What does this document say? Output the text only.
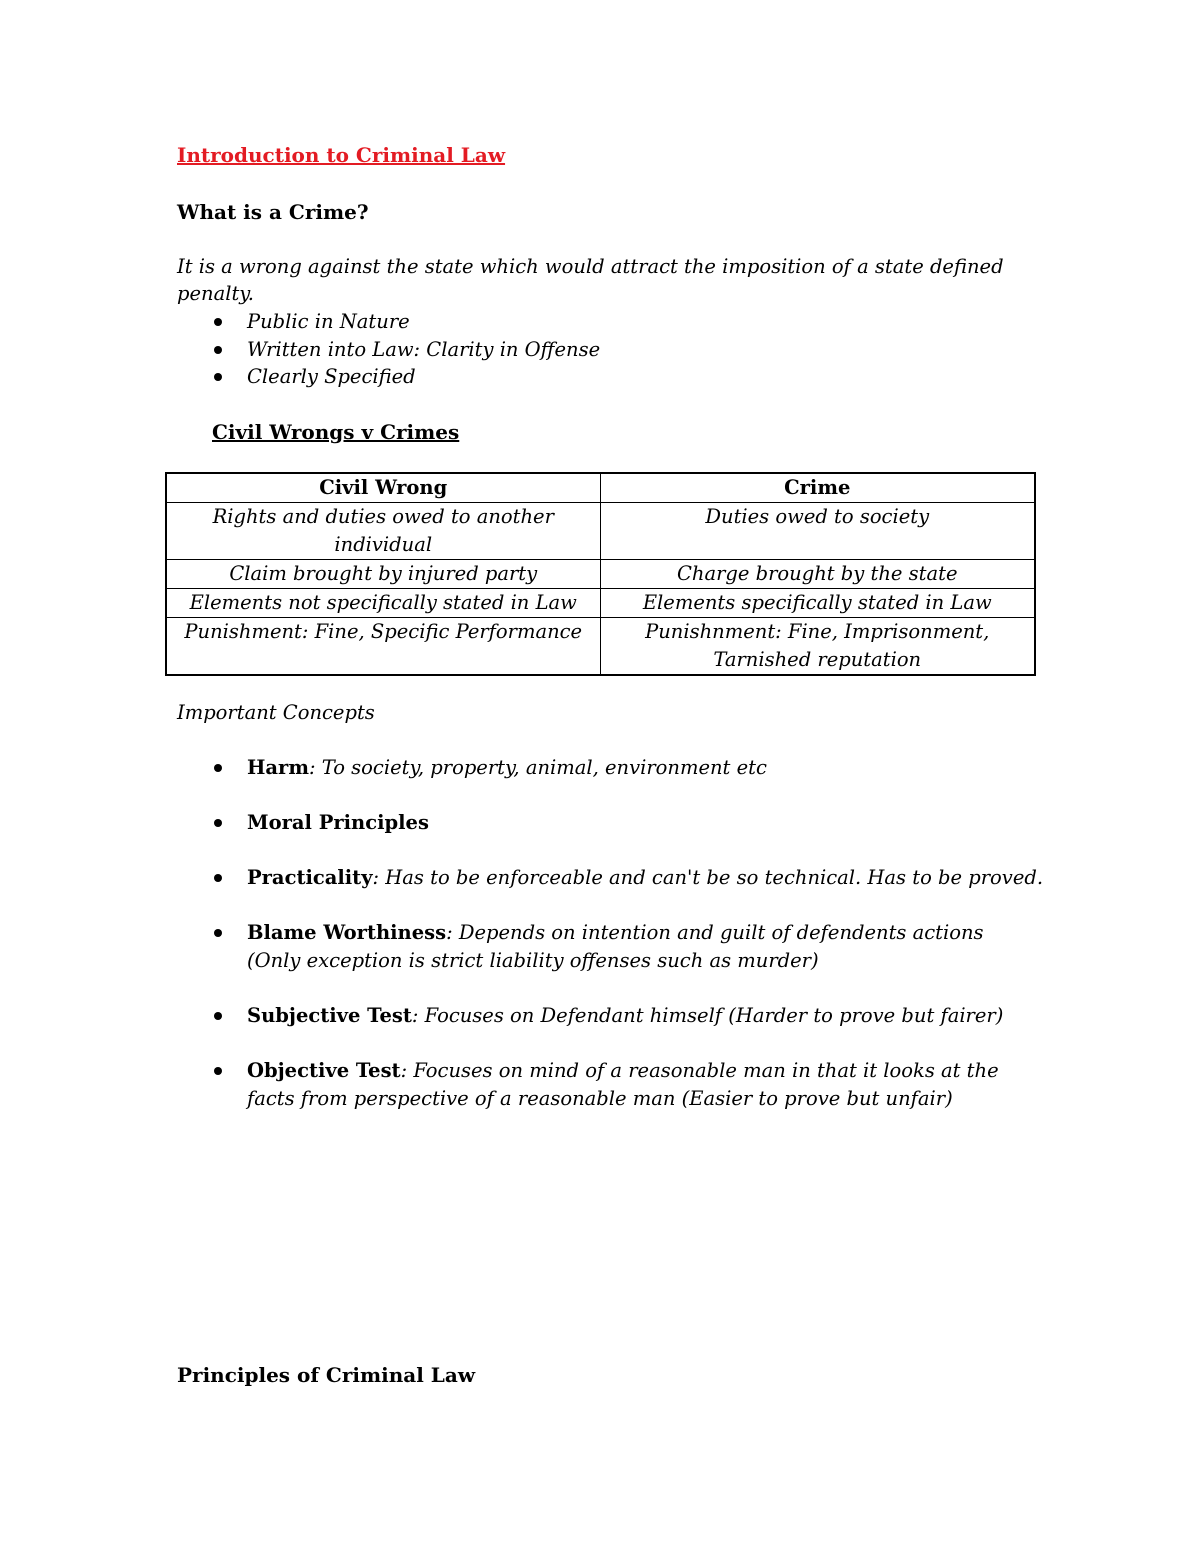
Introduction to Criminal Law
What is a Crime?
It is a wrong against the state which would attract the imposition of a state defined
penalty.
Public in Nature
Written into Law: Clarity in Offense
Clearly Specified
Civil Wrongs v Crimes
Civil Wrong	Crime
Rights and duties owed to another
individual	Duties owed to society
Claim brought by injured party	Charge brought by the state
Elements not specifically stated in Law	Elements specifically stated in Law
Punishment: Fine, Specific Performance	Punishnment: Fine, Imprisonment,
Tarnished reputation
Important Concepts
Harm: To society, property, animal, environment etc
Moral Principles
Practicality: Has to be enforceable and can't be so technical. Has to be proved.
Blame Worthiness: Depends on intention and guilt of defendents actions
(Only exception is strict liability offenses such as murder)
Subjective Test: Focuses on Defendant himself (Harder to prove but fairer)
Objective Test: Focuses on mind of a reasonable man in that it looks at the
facts from perspective of a reasonable man (Easier to prove but unfair)
Principles of Criminal Law
